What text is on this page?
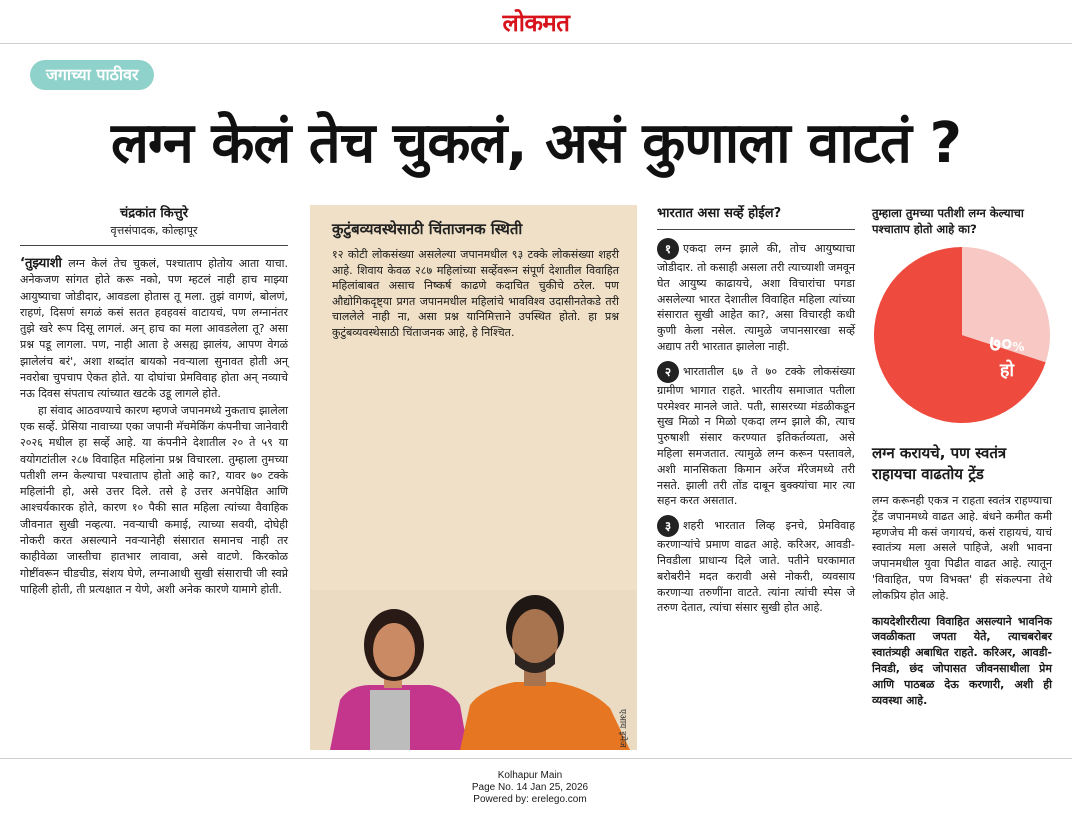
लोकमत
जगाच्या पाठीवर
लग्न केलं तेच चुकलं, असं कुणाला वाटतं ?
चंद्रकांत कित्तुरे
वृत्तसंपादक, कोल्हापूर

‘तुझ्याशी लग्न केलं तेच चुकलं, पश्चाताप होतोय आता याचा. अनेकजण सांगत होते करू नको, पण म्हटलं नाही हाच माझ्या आयुष्याचा जोडीदार, आवडला होतास तू मला. तुझं वागणं, बोलणं, राहणं, दिसणं सगळं कसं सतत हवहवसं वाटायचं, पण लग्नानंतर तुझे खरे रूप दिसू लागलं. अन् हाच का मला आवडलेला तू? असा प्रश्न पडू लागला. पण, नाही आता हे असह्य झालंय, आपण वेगळं झालेलंच बरं', अशा शब्दांत बायको नवऱ्याला सुनावत होती अन् नवरोबा चुपचाप ऐकत होते. या दोघांचा प्रेमविवाह होता अन् नव्याचे नऊ दिवस संपताच त्यांच्यात खटके उडू लागले होते.

हा संवाद आठवण्याचे कारण म्हणजे जपानमध्ये नुकताच झालेला एक सर्व्हे. प्रेसिया नावाच्या एका जपानी मॅचमेकिंग कंपनीचा जानेवारी २०२६ मधील हा सर्व्हे आहे. या कंपनीने देशातील २० ते ५९ या वयोगटांतील २८७ विवाहित महिलांना प्रश्न विचारला. तुम्हाला तुमच्या पतीशी लग्न केल्याचा पश्चाताप होतो आहे का?, यावर ७० टक्के महिलांनी हो, असे उत्तर दिले. तसे हे उत्तर अनपेक्षित आणि आश्चर्यकारक होते, कारण १० पैकी सात महिला त्यांच्या वैवाहिक जीवनात सुखी नव्हत्या. नवऱ्याची कमाई, त्याच्या सवयी, दोघेही नोकरी करत असल्याने नवऱ्यानेही संसारात समानच नाही तर काहीवेळा जास्तीचा हातभार लावावा, असे वाटणे. किरकोळ गोष्टींवरून चीडचीड, संशय घेणे, लग्नाआधी सुखी संसाराची जी स्वप्ने पाहिली होती, ती प्रत्यक्षात न येणे, अशी अनेक कारणे यामागे होती.

कुटुंबव्यवस्थेसाठी चिंताजनक स्थिती
१२ कोटी लोकसंख्या असलेल्या जपानमधील ९३ टक्के लोकसंख्या शहरी आहे. शिवाय केवळ २८७ महिलांच्या सर्व्हेवरून संपूर्ण देशातील विवाहित महिलांबाबत असाच निष्कर्ष काढणे कदाचित चुकीचे ठरेल. पण औद्योगिकदृष्ट्या प्रगत जपानमधील महिलांचे भावविश्व उदासीनतेकडे तरी चाललेले नाही ना, असा प्रश्न यानिमित्ताने उपस्थित होतो. हा प्रश्न कुटुंबव्यवस्थेसाठी चिंताजनक आहे, हे निश्चित.
एआय इमेज
भारतात असा सर्व्हे होईल?
१ एकदा लग्न झाले की, तोच आयुष्याचा जोडीदार. तो कसाही असला तरी त्याच्याशी जमवून घेत आयुष्य काढायचे, अशा विचारांचा पगडा असलेल्या भारत देशातील विवाहित महिला त्यांच्या संसारात सुखी आहेत का?, असा विचारही कधी कुणी केला नसेल. त्यामुळे जपानसारखा सर्व्हे अद्याप तरी भारतात झालेला नाही.
२ भारतातील ६७ ते ७० टक्के लोकसंख्या ग्रामीण भागात राहते. भारतीय समाजात पतीला परमेश्वर मानले जाते. पती, सासरच्या मंडळीकडून सुख मिळो न मिळो एकदा लग्न झाले की, त्याच पुरुषाशी संसार करण्यात इतिकर्तव्यता, असे महिला समजतात. त्यामुळे लग्न करून पस्तावले, अशी मानसिकता किमान अरेंज मॅरेजमध्ये तरी नसते. झाली तरी तोंड दाबून बुक्क्यांचा मार त्या सहन करत असतात.
३ शहरी भारतात लिव्ह इनचे, प्रेमविवाह करणाऱ्यांचे प्रमाण वाढत आहे. करिअर, आवडी-निवडीला प्राधान्य दिले जाते. पतीने घरकामात बरोबरीने मदत करावी असे नोकरी, व्यवसाय करणाऱ्या तरुणींना वाटते. त्यांना त्यांची स्पेस जे तरुण देतात, त्यांचा संसार सुखी होत आहे.
तुम्हाला तुमच्या पतीशी लग्न केल्याचा पश्चाताप होतो आहे का?
७०%
हो
लग्न करायचे, पण स्वतंत्र राहायचा वाढतोय ट्रेंड
लग्न करूनही एकत्र न राहता स्वतंत्र राहण्याचा ट्रेंड जपानमध्ये वाढत आहे. बंधने कमीत कमी म्हणजेच मी कसं जगायचं, कसं राहायचं, याचं स्वातंत्र्य मला असले पाहिजे, अशी भावना जपानमधील युवा पिढीत वाढत आहे. त्यातून 'विवाहित, पण विभक्त' ही संकल्पना तेथे लोकप्रिय होत आहे.
कायदेशीररीत्या विवाहित असल्याने भावनिक जवळीकता जपता येते, त्याचबरोबर स्वातंत्र्यही अबाधित राहते. करिअर, आवडी-निवडी, छंद जोपासत जीवनसाथीला प्रेम आणि पाठबळ देऊ करणारी, अशी ही व्यवस्था आहे.
Kolhapur Main
Page No. 14 Jan 25, 2026
Powered by: erelego.com
